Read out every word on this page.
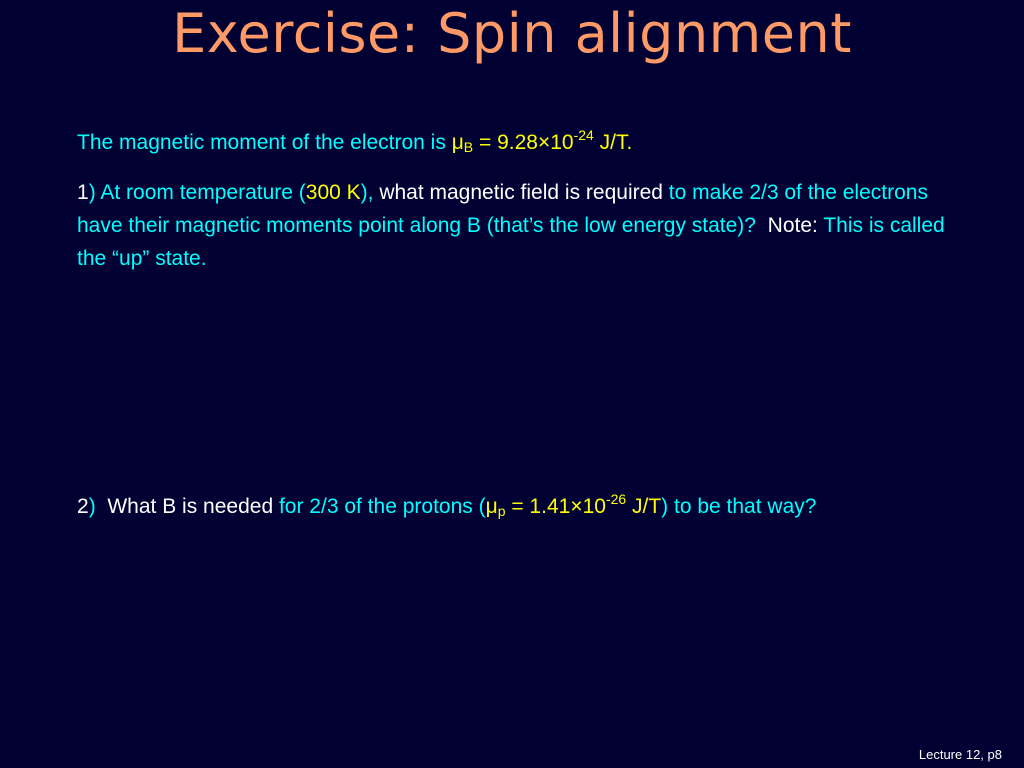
Exercise: Spin alignment
The magnetic moment of the electron is $\mu_B = 9.28\times 10^{-24}$ J/T.
1) At room temperature (300 K), what magnetic field is required to make 2/3 of the electrons have their magnetic moments point along B (that’s the low energy state)?  Note: This is called the “up” state.
2)  What B is needed for 2/3 of the protons ($\mu_p = 1.41\times 10^{-26}$ J/T) to be that way?
Lecture 12, p8
